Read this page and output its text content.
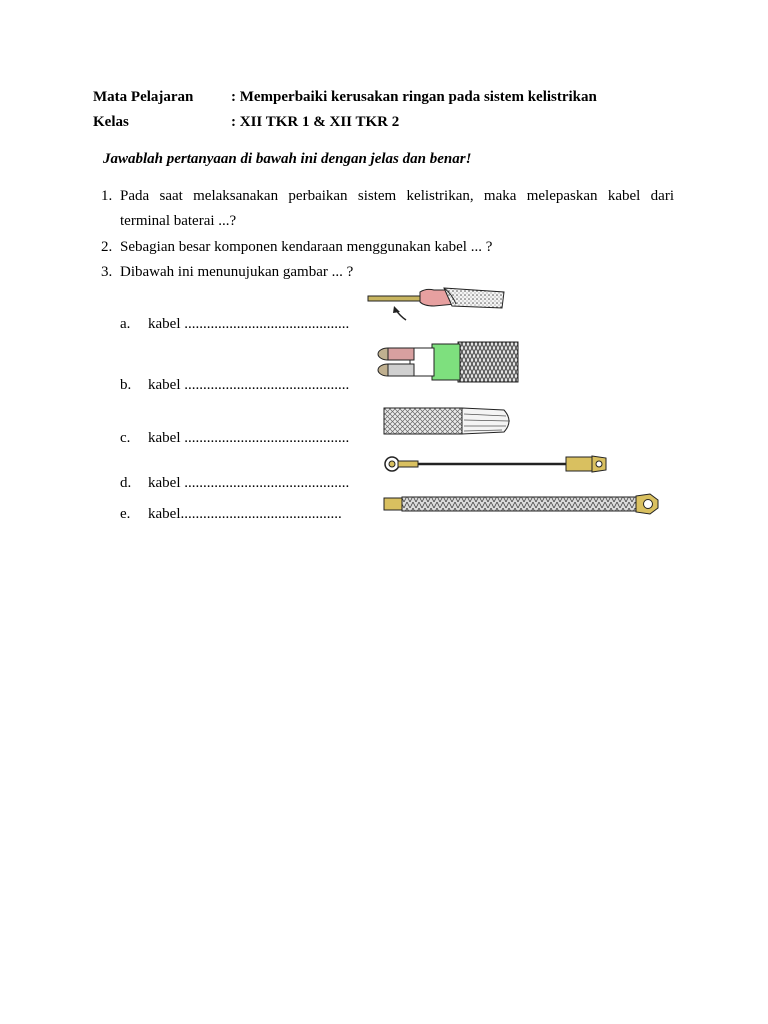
Mata Pelajaran	: Memperbaiki kerusakan ringan pada sistem kelistrikan
Kelas	: XII TKR 1 & XII TKR 2
Jawablah pertanyaan di bawah ini dengan jelas dan benar!
1. Pada saat melaksanakan perbaikan sistem kelistrikan, maka melepaskan kabel dari
terminal baterai ...?
2. Sebagian besar komponen kendaraan menggunakan kabel ... ?
3. Dibawah ini menunujukan gambar ... ?
a. kabel ............................................
b. kabel ............................................
c. kabel ............................................
d. kabel ............................................
e. kabel...........................................
